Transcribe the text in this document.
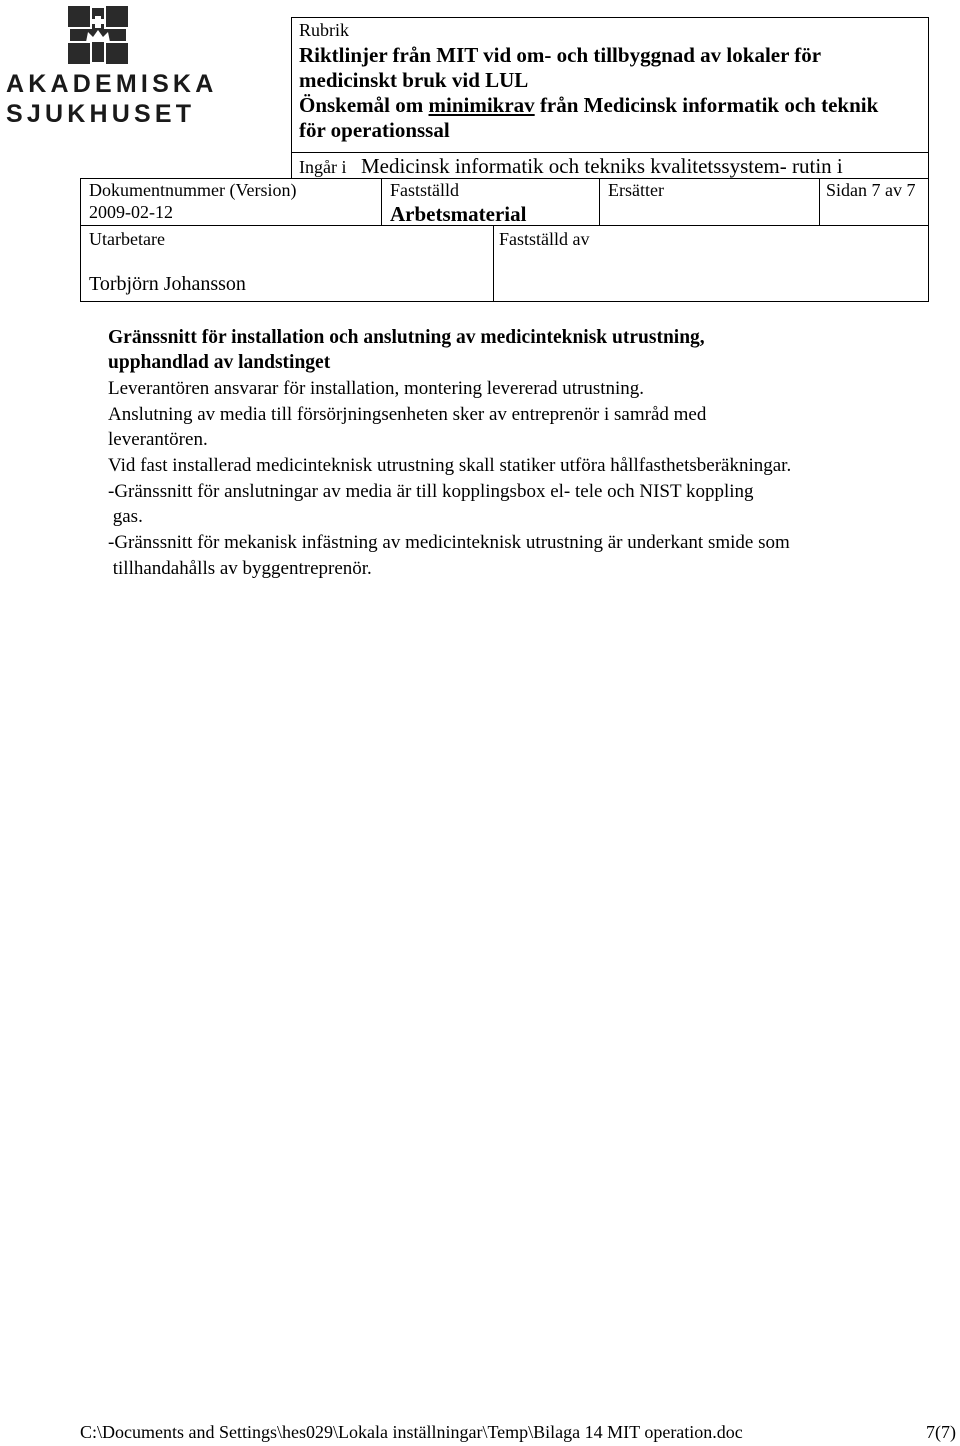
AKADEMISKA
SJUKHUSET
Rubrik
Riktlinjer från MIT vid om- och tillbyggnad av lokaler för
medicinskt bruk vid LUL
Önskemål om minimikrav från Medicinsk informatik och teknik
för operationssal
Ingår i Medicinsk informatik och tekniks kvalitetssystem- rutin i
Dokumentnummer (Version)
2009-02-12
Fastställd
Arbetsmaterial
Ersätter	Sidan 7 av 7
Utarbetare
Torbjörn Johansson
Fastställd av
Gränssnitt för installation och anslutning av medicinteknisk utrustning,
upphandlad av landstinget
Leverantören ansvarar för installation, montering levererad utrustning.
Anslutning av media till försörjningsenheten sker av entreprenör i samråd med
leverantören.
Vid fast installerad medicinteknisk utrustning skall statiker utföra hållfasthetsberäkningar.
-Gränssnitt för anslutningar av media är till kopplingsbox el- tele och NIST koppling
gas.
-Gränssnitt för mekanisk infästning av medicinteknisk utrustning är underkant smide som
tillhandahålls av byggentreprenör.
C:\Documents and Settings\hes029\Lokala inställningar\Temp\Bilaga 14 MIT operation.doc	7(7)
